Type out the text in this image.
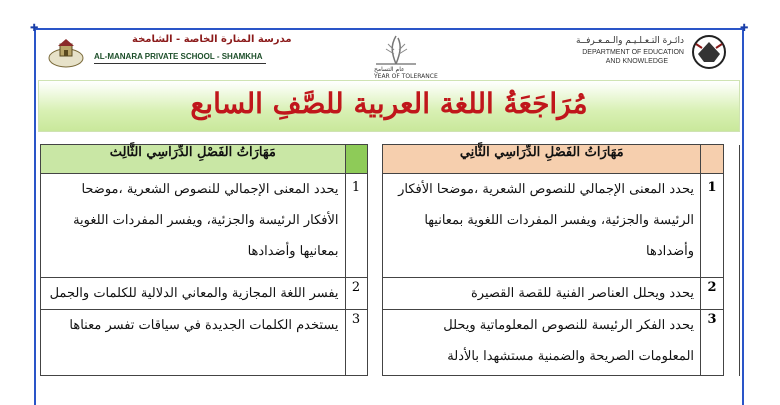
✚	✚
مدرسة المنارة الخاصة - الشامخة
AL-MANARA PRIVATE SCHOOL - SHAMKHA
عام التسامح
YEAR OF TOLERANCE
دائـرة التـعـلـيـم والـمـعـرفــة
DEPARTMENT OF EDUCATION
AND KNOWLEDGE
مُرَاجَعَةُ اللغة العربية للصَّفِ السابع
مَهَارَاتُ الفَصْلِ الدِّرَاسِي الثَّالِث			مَهَارَاتُ الفَصْلِ الدِّرَاسِي الثَّانِي		
يحدد المعنى الإجمالي للنصوص الشعرية ،موضحا الأفكار الرئيسة والجزئية، ويفسر المفردات اللغوية بمعانيها وأضدادها	1		يحدد المعنى الإجمالي للنصوص الشعرية ،موضحا الأفكار الرئيسة والجزئية، ويفسر المفردات اللغوية بمعانيها وأضدادها	1	
يفسر اللغة المجازية والمعاني الدلالية للكلمات والجمل	2		يحدد ويحلل العناصر الفنية للقصة القصيرة	2	
يستخدم الكلمات الجديدة في سياقات تفسر معناها	3		يحدد الفكر الرئيسة للنصوص المعلوماتية ويحلل المعلومات الصريحة والضمنية مستشهدا بالأدلة	3	
